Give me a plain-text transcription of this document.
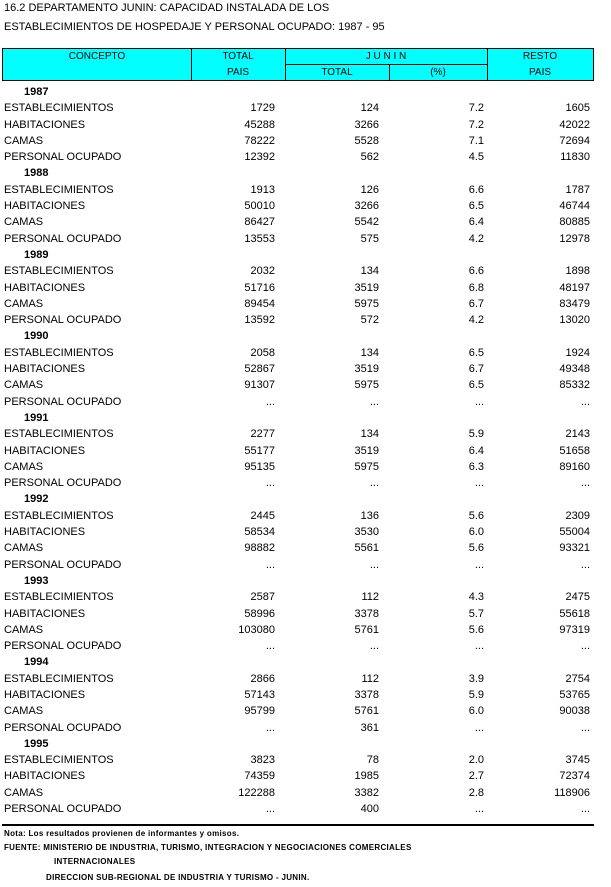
16.2 DEPARTAMENTO JUNIN: CAPACIDAD INSTALADA DE LOS
ESTABLECIMIENTOS DE HOSPEDAJE Y PERSONAL OCUPADO: 1987 - 95
CONCEPTO	TOTAL
PAIS
J U N I N
TOTAL	(%)
RESTO
PAIS
1987
ESTABLECIMIENTOS	1729	124	7.2	1605
HABITACIONES	45288	3266	7.2	42022
CAMAS	78222	5528	7.1	72694
PERSONAL OCUPADO	12392	562	4.5	11830
1988
ESTABLECIMIENTOS	1913	126	6.6	1787
HABITACIONES	50010	3266	6.5	46744
CAMAS	86427	5542	6.4	80885
PERSONAL OCUPADO	13553	575	4.2	12978
1989
ESTABLECIMIENTOS	2032	134	6.6	1898
HABITACIONES	51716	3519	6.8	48197
CAMAS	89454	5975	6.7	83479
PERSONAL OCUPADO	13592	572	4.2	13020
1990
ESTABLECIMIENTOS	2058	134	6.5	1924
HABITACIONES	52867	3519	6.7	49348
CAMAS	91307	5975	6.5	85332
PERSONAL OCUPADO	...	...	...	...
1991
ESTABLECIMIENTOS	2277	134	5.9	2143
HABITACIONES	55177	3519	6.4	51658
CAMAS	95135	5975	6.3	89160
PERSONAL OCUPADO	...	...	...	...
1992
ESTABLECIMIENTOS	2445	136	5.6	2309
HABITACIONES	58534	3530	6.0	55004
CAMAS	98882	5561	5.6	93321
PERSONAL OCUPADO	...	...	...	...
1993
ESTABLECIMIENTOS	2587	112	4.3	2475
HABITACIONES	58996	3378	5.7	55618
CAMAS	103080	5761	5.6	97319
PERSONAL OCUPADO	...	...	...	...
1994
ESTABLECIMIENTOS	2866	112	3.9	2754
HABITACIONES	57143	3378	5.9	53765
CAMAS	95799	5761	6.0	90038
PERSONAL OCUPADO	...	361	...	...
1995
ESTABLECIMIENTOS	3823	78	2.0	3745
HABITACIONES	74359	1985	2.7	72374
CAMAS	122288	3382	2.8	118906
PERSONAL OCUPADO	...	400	...	...
Nota: Los resultados provienen de informantes y omisos.
FUENTE: MINISTERIO DE INDUSTRIA, TURISMO, INTEGRACION Y NEGOCIACIONES COMERCIALES
INTERNACIONALES
DIRECCION SUB-REGIONAL DE INDUSTRIA Y TURISMO - JUNIN.
